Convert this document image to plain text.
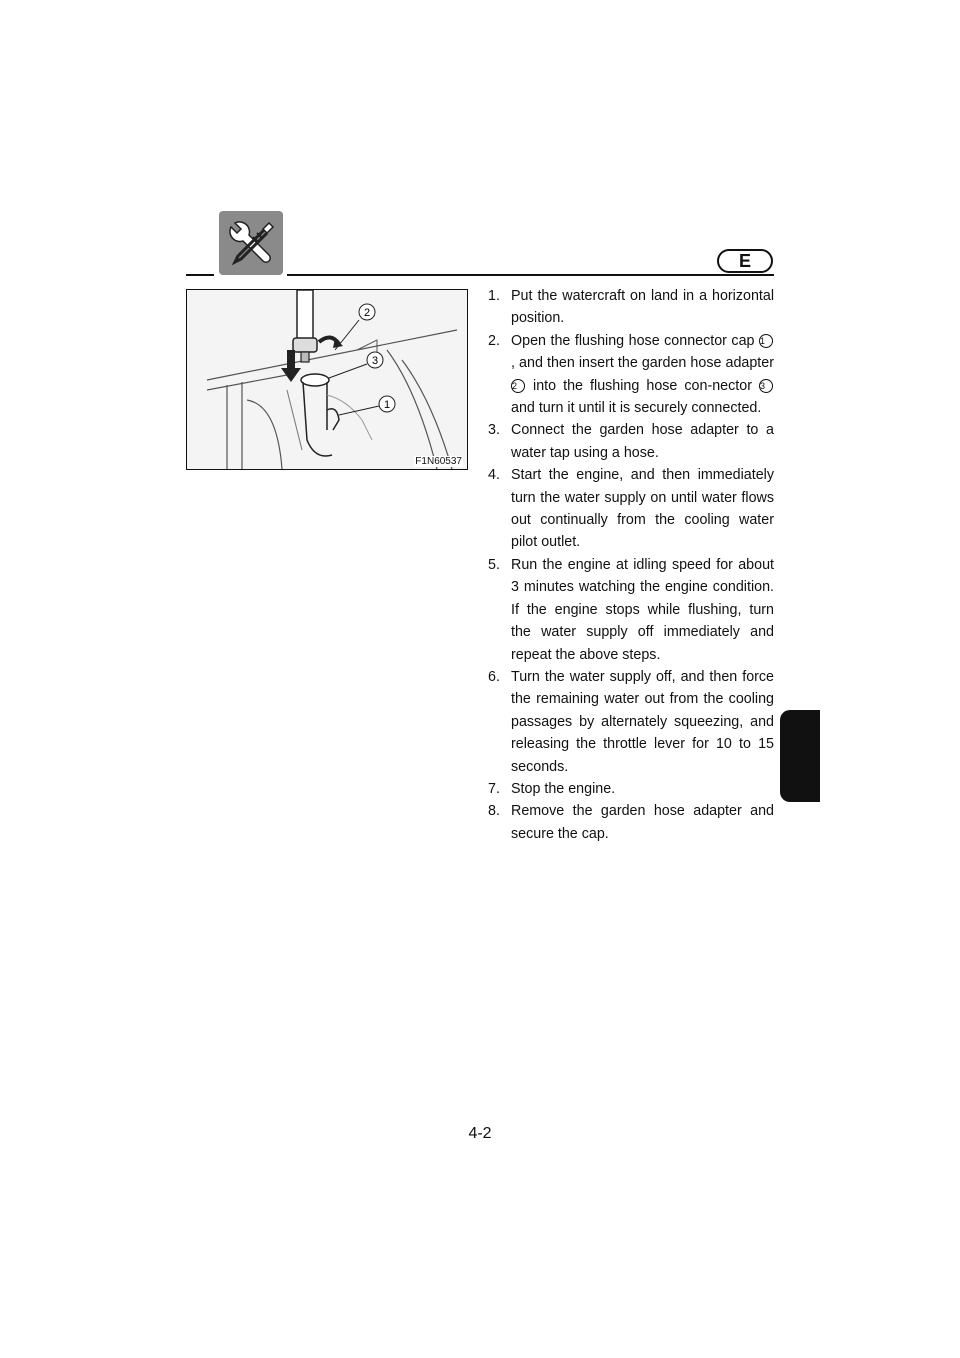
E
2
3
1
F1N60537
1. Put the watercraft on land in a horizontal position.
2. Open the flushing hose connector cap 1, and then insert the garden hose adapter 2 into the flushing hose con-nector 3 and turn it until it is securely connected.
3. Connect the garden hose adapter to a water tap using a hose.
4. Start the engine, and then immediately turn the water supply on until water flows out continually from the cooling water pilot outlet.
5. Run the engine at idling speed for about 3 minutes watching the engine condition. If the engine stops while flushing, turn the water supply off immediately and repeat the above steps.
6. Turn the water supply off, and then force the remaining water out from the cooling passages by alternately squeezing, and releasing the throttle lever for 10 to 15 seconds.
7. Stop the engine.
8. Remove the garden hose adapter and secure the cap.
4-2
